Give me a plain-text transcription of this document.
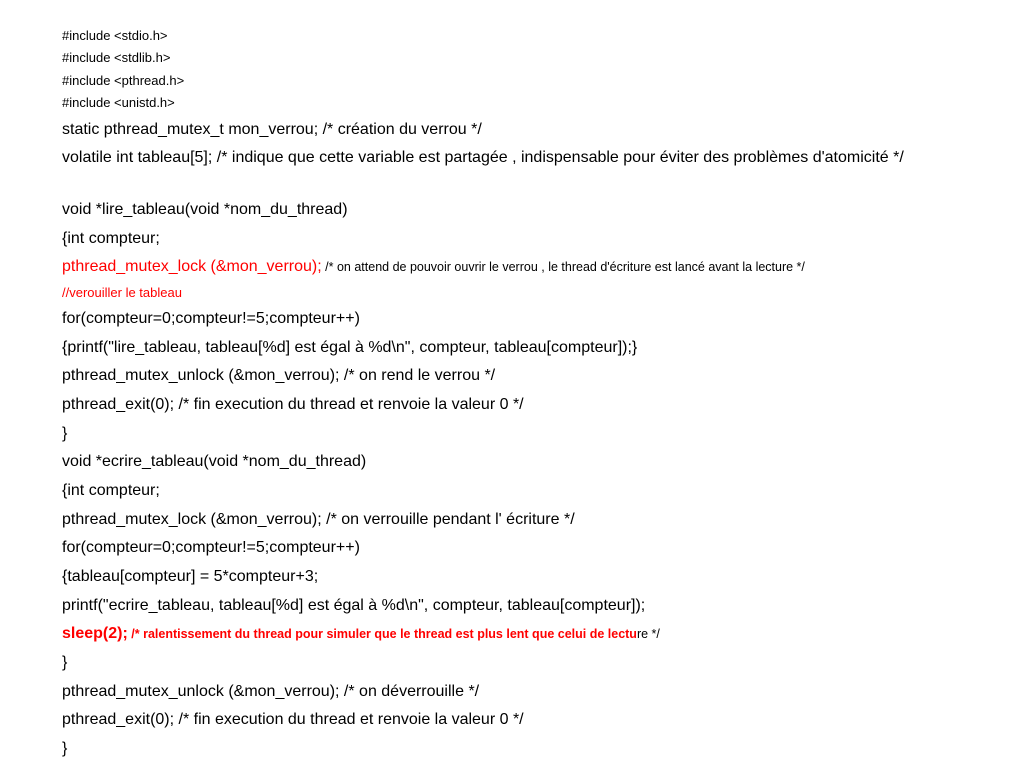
#include <stdio.h>
#include <stdlib.h>
#include <pthread.h>
#include <unistd.h>
static pthread_mutex_t mon_verrou; /* création du verrou */
volatile int tableau[5]; /* indique que cette variable est partagée , indispensable pour éviter des problèmes d'atomicité */
void *lire_tableau(void *nom_du_thread)
{int compteur;
pthread_mutex_lock (&mon_verrou); /* on attend de pouvoir ouvrir le verrou , le thread d'écriture est lancé avant la lecture */
//verouiller le tableau
for(compteur=0;compteur!=5;compteur++)
{printf("lire_tableau, tableau[%d] est égal à %d\n", compteur, tableau[compteur]);}
pthread_mutex_unlock (&mon_verrou); /* on rend le verrou */
pthread_exit(0); /* fin execution du thread et renvoie la valeur 0 */
}
void *ecrire_tableau(void *nom_du_thread)
{int compteur;
pthread_mutex_lock (&mon_verrou); /* on verrouille pendant l' écriture */
for(compteur=0;compteur!=5;compteur++)
{tableau[compteur] = 5*compteur+3;
printf("ecrire_tableau, tableau[%d] est égal à %d\n", compteur, tableau[compteur]);
sleep(2); /* ralentissement du thread pour simuler que le thread est plus lent que celui de lecture */
}
pthread_mutex_unlock (&mon_verrou); /* on déverrouille */
pthread_exit(0); /* fin execution du thread et renvoie la valeur 0 */
}
